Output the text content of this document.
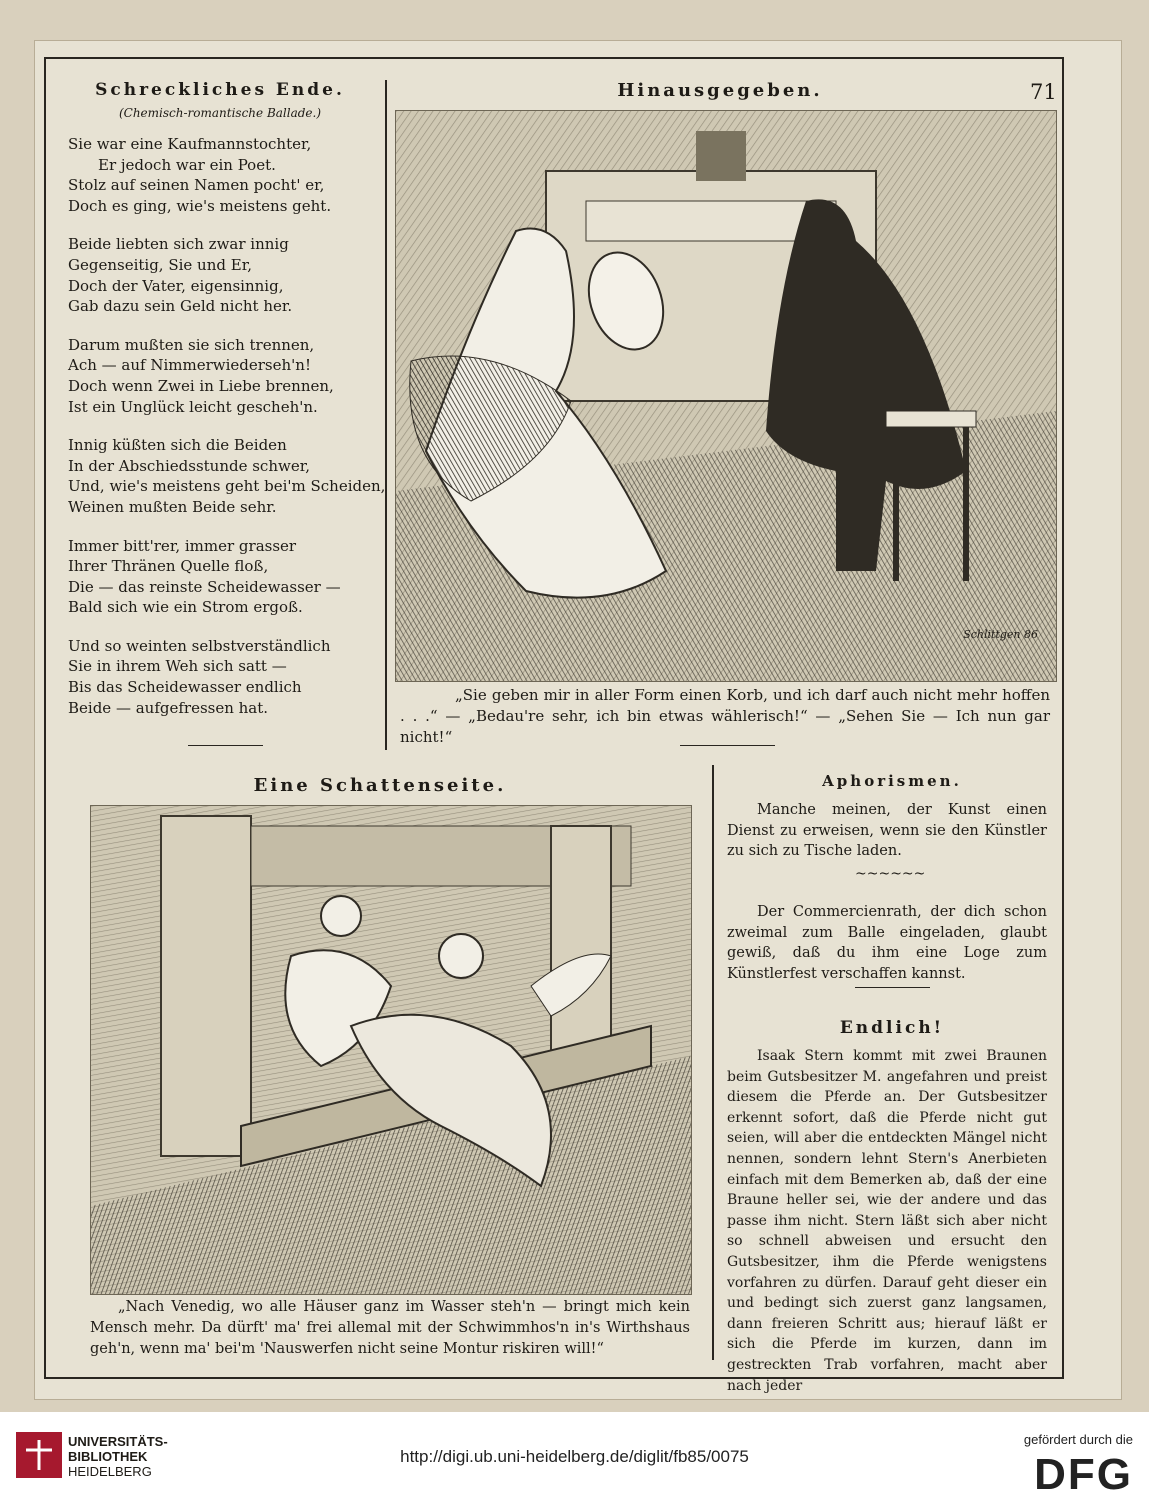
71
Schreckliches Ende.
(Chemisch-romantische Ballade.)
Sie war eine Kaufmannstochter,
Er jedoch war ein Poet.
Stolz auf seinen Namen pocht' er,
Doch es ging, wie's meistens geht.
Beide liebten sich zwar innig
Gegenseitig, Sie und Er,
Doch der Vater, eigensinnig,
Gab dazu sein Geld nicht her.
Darum mußten sie sich trennen,
Ach — auf Nimmerwiederseh'n!
Doch wenn Zwei in Liebe brennen,
Ist ein Unglück leicht gescheh'n.
Innig küßten sich die Beiden
In der Abschiedsstunde schwer,
Und, wie's meistens geht bei'm Scheiden,
Weinen mußten Beide sehr.
Immer bitt'rer, immer grasser
Ihrer Thränen Quelle floß,
Die — das reinste Scheidewasser —
Bald sich wie ein Strom ergoß.
Und so weinten selbstverständlich
Sie in ihrem Weh sich satt —
Bis das Scheidewasser endlich
Beide — aufgefressen hat.
Hinausgegeben.
Schlittgen 86
„Sie geben mir in aller Form einen Korb, und ich darf auch nicht mehr hoffen . . .“ — „Bedau're sehr, ich bin etwas wählerisch!“ — „Sehen Sie — Ich nun gar nicht!“
Eine Schattenseite.
„Nach Venedig, wo alle Häuser ganz im Wasser steh'n — bringt mich kein Mensch mehr. Da dürft' ma' frei allemal mit der Schwimmhos'n in's Wirthshaus geh'n, wenn ma' bei'm 'Nauswerfen nicht seine Montur riskiren will!“
Aphorismen.
Manche meinen, der Kunst einen Dienst zu erweisen, wenn sie den Künstler zu sich zu Tische laden.
~~~~~~
Der Commercienrath, der dich schon zweimal zum Balle eingeladen, glaubt gewiß, daß du ihm eine Loge zum Künstlerfest verschaffen kannst.
Endlich!
Isaak Stern kommt mit zwei Braunen beim Gutsbesitzer M. angefahren und preist diesem die Pferde an. Der Gutsbesitzer erkennt sofort, daß die Pferde nicht gut seien, will aber die entdeckten Mängel nicht nennen, sondern lehnt Stern's Anerbieten einfach mit dem Bemerken ab, daß der eine Braune heller sei, wie der andere und das passe ihm nicht. Stern läßt sich aber nicht so schnell abweisen und ersucht den Gutsbesitzer, ihm die Pferde wenigstens vorfahren zu dürfen. Darauf geht dieser ein und bedingt sich zuerst ganz langsamen, dann freieren Schritt aus; hierauf läßt er sich die Pferde im kurzen, dann im gestreckten Trab vorfahren, macht aber nach jeder
UNIVERSITÄTS-
BIBLIOTHEK
HEIDELBERG
http://digi.ub.uni-heidelberg.de/diglit/fb85/0075
gefördert durch die
DFG
